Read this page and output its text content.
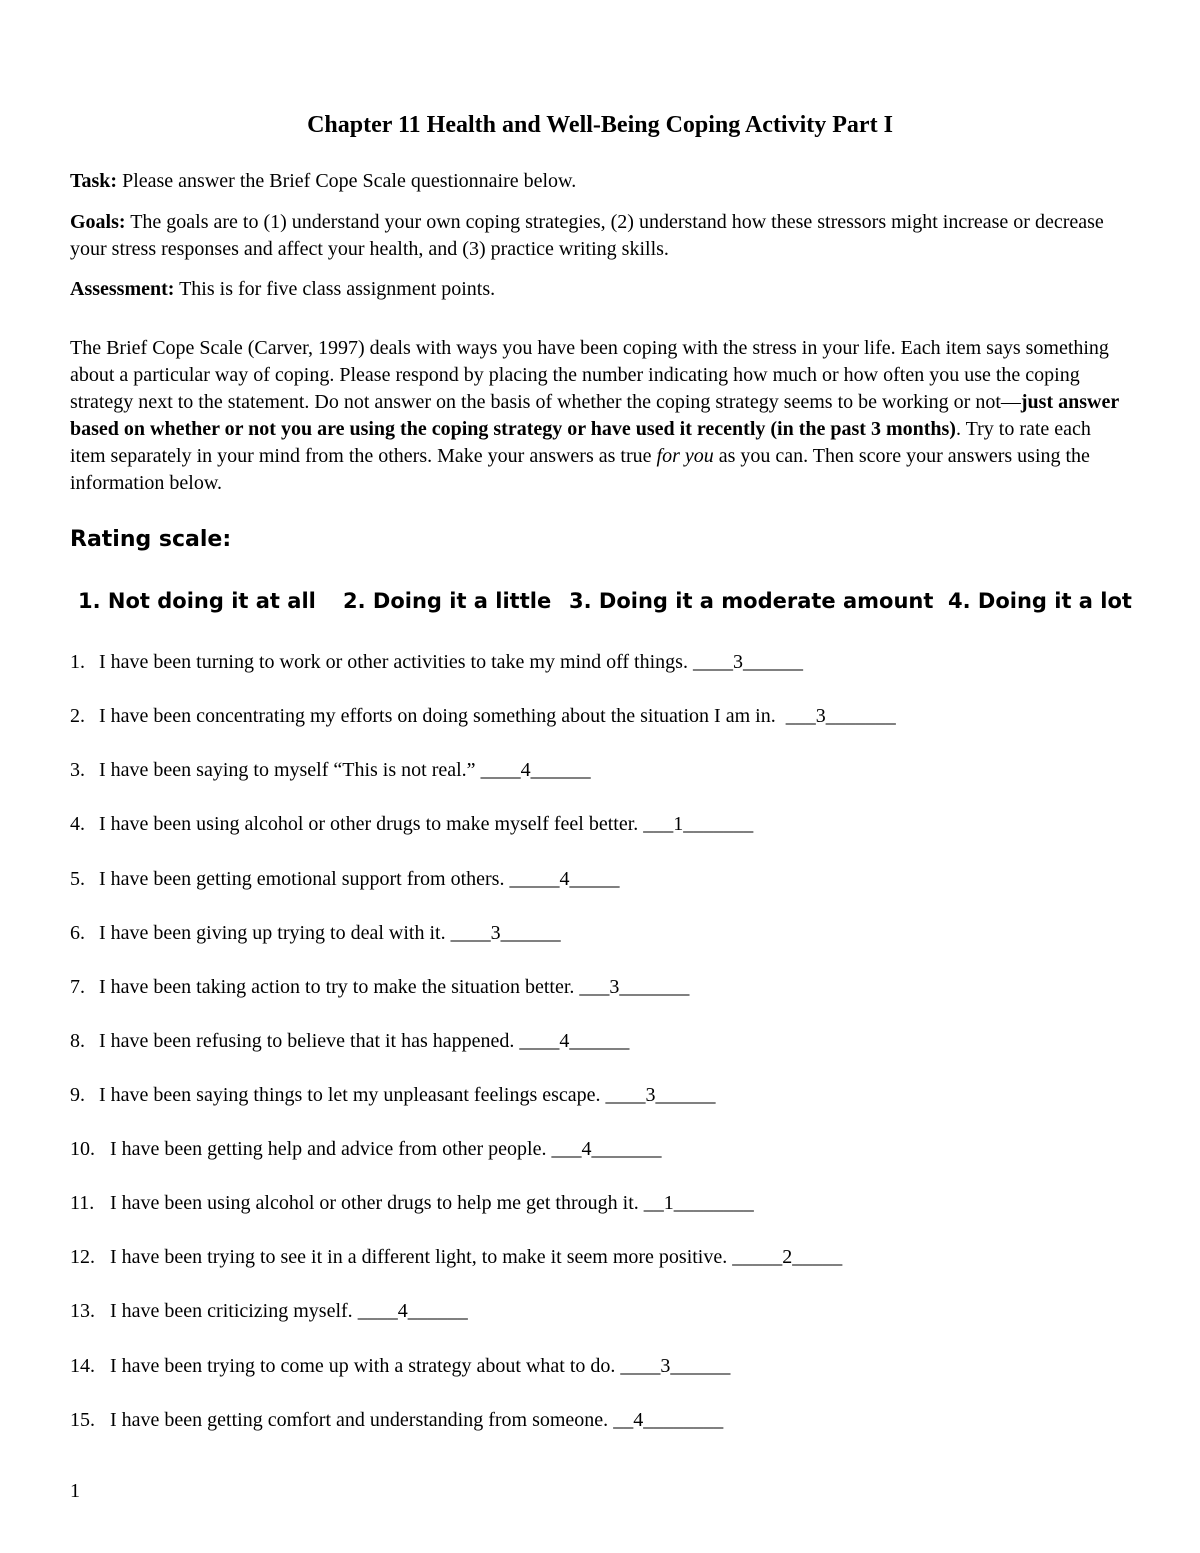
Chapter 11 Health and Well-Being Coping Activity Part I

Task: Please answer the Brief Cope Scale questionnaire below.

Goals: The goals are to (1) understand your own coping strategies, (2) understand how these stressors might increase or decrease your stress responses and affect your health, and (3) practice writing skills.

Assessment: This is for five class assignment points.

The Brief Cope Scale (Carver, 1997) deals with ways you have been coping with the stress in your life. Each item says something about a particular way of coping. Please respond by placing the number indicating how much or how often you use the coping strategy next to the statement. Do not answer on the basis of whether the coping strategy seems to be working or not—just answer based on whether or not you are using the coping strategy or have used it recently (in the past 3 months). Try to rate each item separately in your mind from the others. Make your answers as true for you as you can. Then score your answers using the information below.

Rating scale:
1. Not doing it at all 2. Doing it a little 3. Doing it a moderate amount 4. Doing it a lot
1. I have been turning to work or other activities to take my mind off things. ____3______
2. I have been concentrating my efforts on doing something about the situation I am in. ___3_______
3. I have been saying to myself “This is not real.” ____4______
4. I have been using alcohol or other drugs to make myself feel better. ___1_______
5. I have been getting emotional support from others. _____4_____
6. I have been giving up trying to deal with it. ____3______
7. I have been taking action to try to make the situation better. ___3_______
8. I have been refusing to believe that it has happened. ____4______
9. I have been saying things to let my unpleasant feelings escape. ____3______
10. I have been getting help and advice from other people. ___4_______
11. I have been using alcohol or other drugs to help me get through it. __1________
12. I have been trying to see it in a different light, to make it seem more positive. _____2_____
13. I have been criticizing myself. ____4______
14. I have been trying to come up with a strategy about what to do. ____3______
15. I have been getting comfort and understanding from someone. __4________
1
